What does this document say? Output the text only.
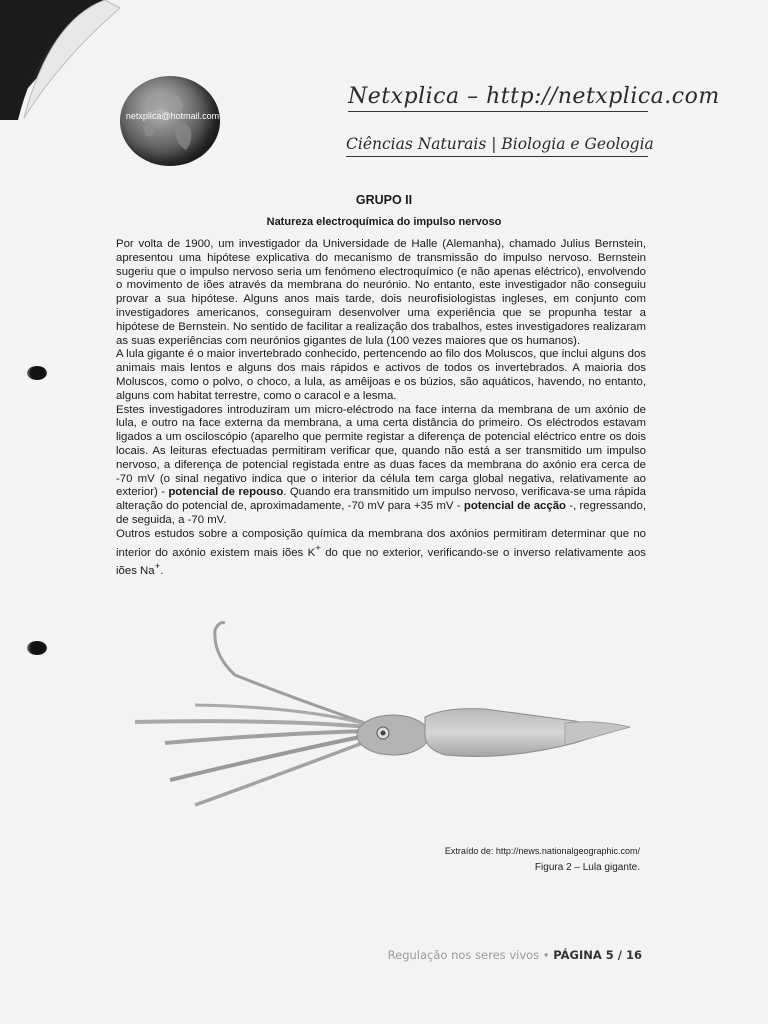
netxplica@hotmail.com
Netxplica – http://netxplica.com
Ciências Naturais | Biologia e Geologia
GRUPO II
Natureza electroquímica do impulso nervoso

Por volta de 1900, um investigador da Universidade de Halle (Alemanha), chamado Julius Bernstein, apresentou uma hipótese explicativa do mecanismo de transmissão do impulso nervoso. Bernstein sugeriu que o impulso nervoso seria um fenómeno electroquímico (e não apenas eléctrico), envolvendo o movimento de iões através da membrana do neurónio. No entanto, este investigador não conseguiu provar a sua hipótese. Alguns anos mais tarde, dois neurofisiologistas ingleses, em conjunto com investigadores americanos, conseguiram desenvolver uma experiência que se propunha testar a hipótese de Bernstein. No sentido de facilitar a realização dos trabalhos, estes investigadores realizaram as suas experiências com neurónios gigantes de lula (100 vezes maiores que os humanos).

A lula gigante é o maior invertebrado conhecido, pertencendo ao filo dos Moluscos, que inclui alguns dos animais mais lentos e alguns dos mais rápidos e activos de todos os invertebrados. A maioria dos Moluscos, como o polvo, o choco, a lula, as amêijoas e os búzios, são aquáticos, havendo, no entanto, alguns com habitat terrestre, como o caracol e a lesma.

Estes investigadores introduziram um micro-eléctrodo na face interna da membrana de um axónio de lula, e outro na face externa da membrana, a uma certa distância do primeiro. Os eléctrodos estavam ligados a um osciloscópio (aparelho que permite registar a diferença de potencial eléctrico entre os dois locais. As leituras efectuadas permitiram verificar que, quando não está a ser transmitido um impulso nervoso, a diferença de potencial registada entre as duas faces da membrana do axónio era cerca de -70 mV (o sinal negativo indica que o interior da célula tem carga global negativa, relativamente ao exterior) - potencial de repouso. Quando era transmitido um impulso nervoso, verificava-se uma rápida alteração do potencial de, aproximadamente, -70 mV para +35 mV - potencial de acção -, regressando, de seguida, a -70 mV.

Outros estudos sobre a composição química da membrana dos axónios permitiram determinar que no interior do axónio existem mais iões K+ do que no exterior, verificando-se o inverso relativamente aos iões Na+.

Extraído de: http://news.nationalgeographic.com/
Figura 2 – Lula gigante.
Regulação nos seres vivos • PÁGINA 5 / 16
